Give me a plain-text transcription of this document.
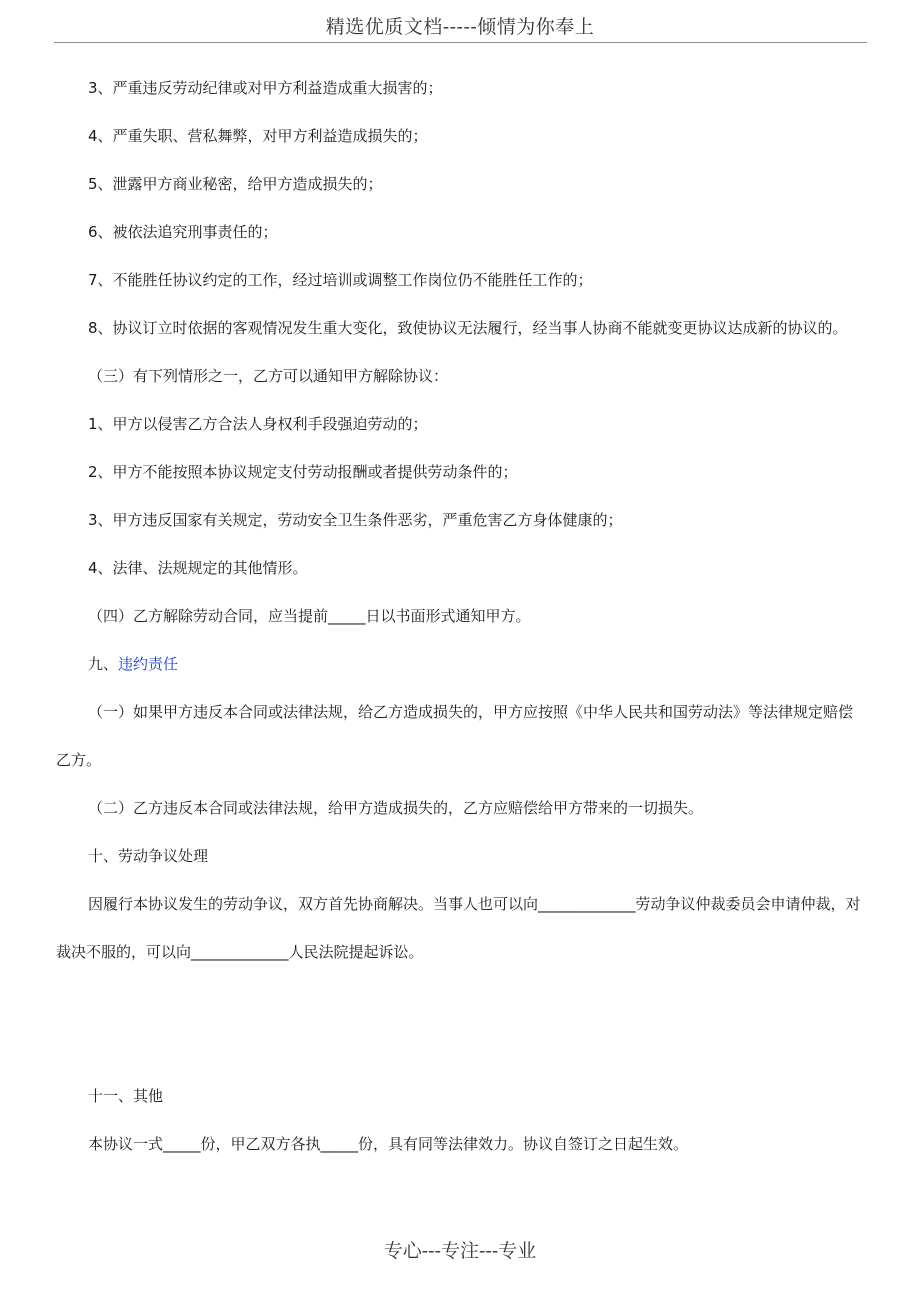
精选优质文档-----倾情为你奉上

3、严重违反劳动纪律或对甲方利益造成重大损害的；

4、严重失职、营私舞弊，对甲方利益造成损失的；

5、泄露甲方商业秘密，给甲方造成损失的；

6、被依法追究刑事责任的；

7、不能胜任协议约定的工作，经过培训或调整工作岗位仍不能胜任工作的；

8、协议订立时依据的客观情况发生重大变化，致使协议无法履行，经当事人协商不能就变更协议达成新的协议的。

（三）有下列情形之一，乙方可以通知甲方解除协议：

1、甲方以侵害乙方合法人身权利手段强迫劳动的；

2、甲方不能按照本协议规定支付劳动报酬或者提供劳动条件的；

3、甲方违反国家有关规定，劳动安全卫生条件恶劣，严重危害乙方身体健康的；

4、法律、法规规定的其他情形。

（四）乙方解除劳动合同，应当提前_____日以书面形式通知甲方。

九、违约责任

（一）如果甲方违反本合同或法律法规，给乙方造成损失的，甲方应按照《中华人民共和国劳动法》等法律规定赔偿乙方。

（二）乙方违反本合同或法律法规，给甲方造成损失的，乙方应赔偿给甲方带来的一切损失。

十、劳动争议处理

因履行本协议发生的劳动争议，双方首先协商解决。当事人也可以向_____________劳动争议仲裁委员会申请仲裁，对裁决不服的，可以向_____________人民法院提起诉讼。

十一、其他

本协议一式_____份，甲乙双方各执_____份，具有同等法律效力。协议自签订之日起生效。

专心---专注---专业
